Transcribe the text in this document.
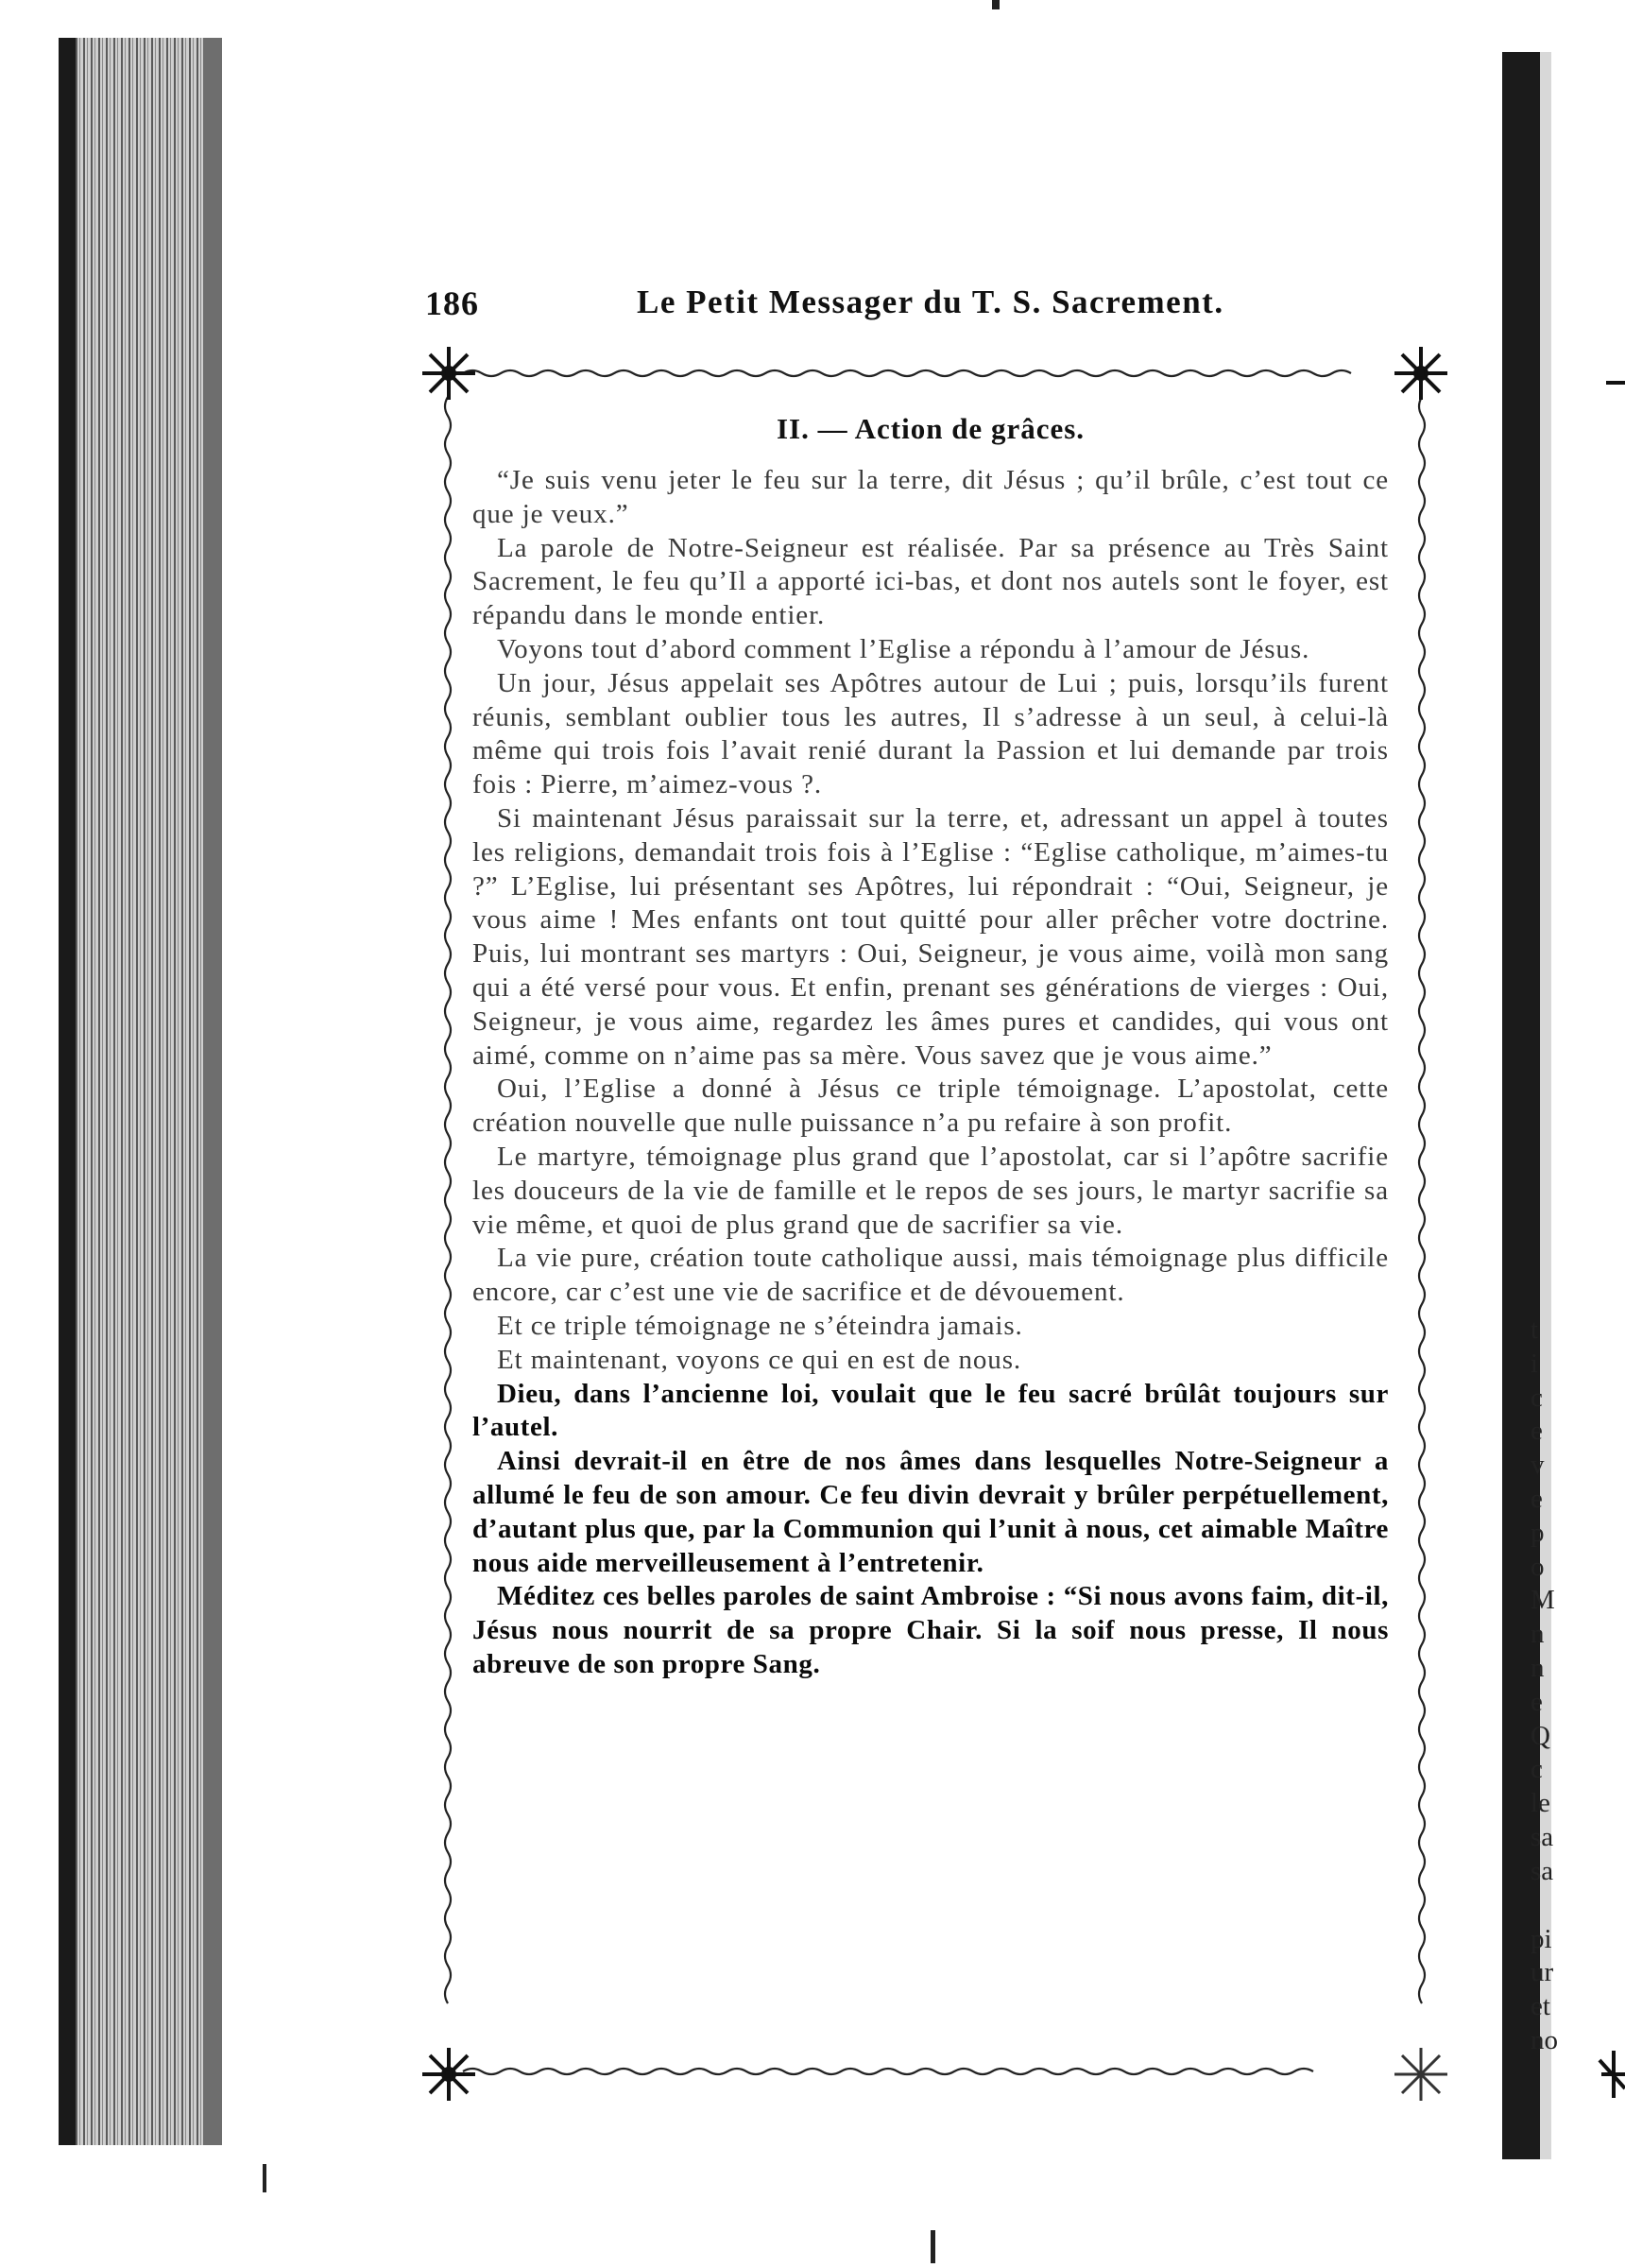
186	Le Petit Messager du T. S. Sacrement.
II. — Action de grâces.

“Je suis venu jeter le feu sur la terre, dit Jésus ; qu’il brûle, c’est tout ce que je veux.”

La parole de Notre-Seigneur est réalisée. Par sa présence au Très Saint Sacrement, le feu qu’Il a apporté ici-bas, et dont nos autels sont le foyer, est répandu dans le monde entier.

Voyons tout d’abord comment l’Eglise a répondu à l’amour de Jésus.

Un jour, Jésus appelait ses Apôtres autour de Lui ; puis, lorsqu’ils furent réunis, semblant oublier tous les autres, Il s’adresse à un seul, à celui-là même qui trois fois l’avait renié durant la Passion et lui demande par trois fois : Pierre, m’aimez-vous ?.

Si maintenant Jésus paraissait sur la terre, et, adressant un appel à toutes les religions, demandait trois fois à l’Eglise : “Eglise catholique, m’aimes-tu ?” L’Eglise, lui présentant ses Apôtres, lui répondrait : “Oui, Seigneur, je vous aime ! Mes enfants ont tout quitté pour aller prêcher votre doctrine. Puis, lui montrant ses martyrs : Oui, Seigneur, je vous aime, voilà mon sang qui a été versé pour vous. Et enfin, prenant ses générations de vierges : Oui, Seigneur, je vous aime, regardez les âmes pures et candides, qui vous ont aimé, comme on n’aime pas sa mère. Vous savez que je vous aime.”

Oui, l’Eglise a donné à Jésus ce triple témoignage. L’apostolat, cette création nouvelle que nulle puissance n’a pu refaire à son profit.

Le martyre, témoignage plus grand que l’apostolat, car si l’apôtre sacrifie les douceurs de la vie de famille et le repos de ses jours, le martyr sacrifie sa vie même, et quoi de plus grand que de sacrifier sa vie.

La vie pure, création toute catholique aussi, mais témoignage plus difficile encore, car c’est une vie de sacrifice et de dévouement.

Et ce triple témoignage ne s’éteindra jamais.

Et maintenant, voyons ce qui en est de nous.

Dieu, dans l’ancienne loi, voulait que le feu sacré brûlât toujours sur l’autel.

Ainsi devrait-il en être de nos âmes dans lesquelles Notre-Seigneur a allumé le feu de son amour. Ce feu divin devrait y brûler perpétuellement, d’autant plus que, par la Communion qui l’unit à nous, cet aimable Maître nous aide merveilleusement à l’entretenir.

Méditez ces belles paroles de saint Ambroise : “Si nous avons faim, dit-il, Jésus nous nourrit de sa propre Chair. Si la soif nous presse, Il nous abreuve de son propre Sang.

t
i
c
e
v
e
p
o
M
n
n
e
Q
c
le
sa
sa
pi
ur
et
no
